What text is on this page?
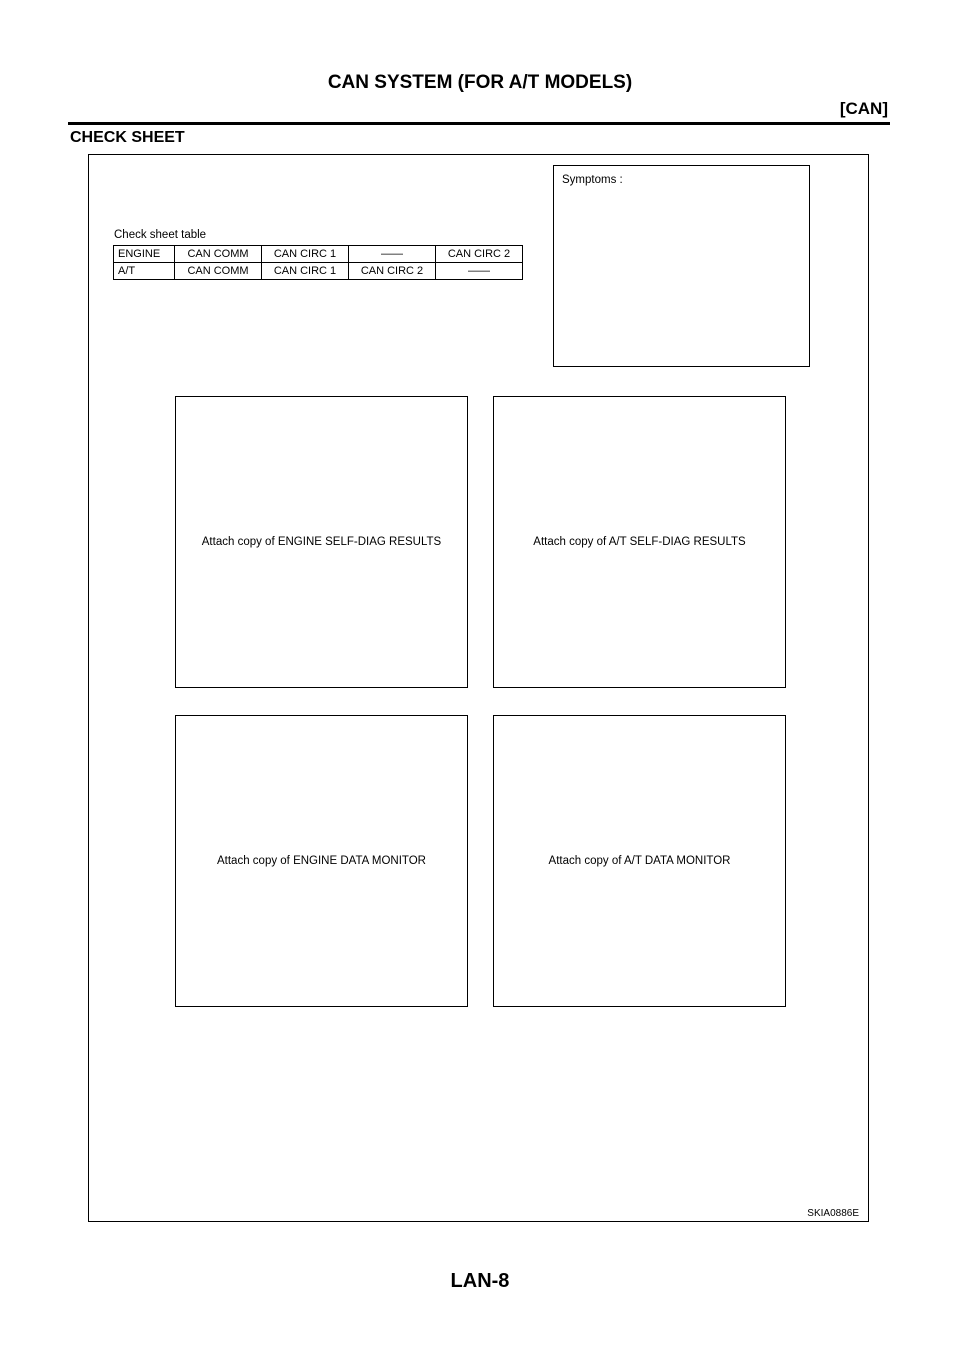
CAN SYSTEM (FOR A/T MODELS)
[CAN]
CHECK SHEET
Check sheet table
ENGINE	CAN COMM	CAN CIRC 1	——	CAN CIRC 2
A/T	CAN COMM	CAN CIRC 1	CAN CIRC 2	——
Symptoms :
Attach copy of ENGINE SELF-DIAG RESULTS	Attach copy of A/T SELF-DIAG RESULTS
Attach copy of ENGINE DATA MONITOR	Attach copy of A/T DATA MONITOR
SKIA0886E
LAN-8
